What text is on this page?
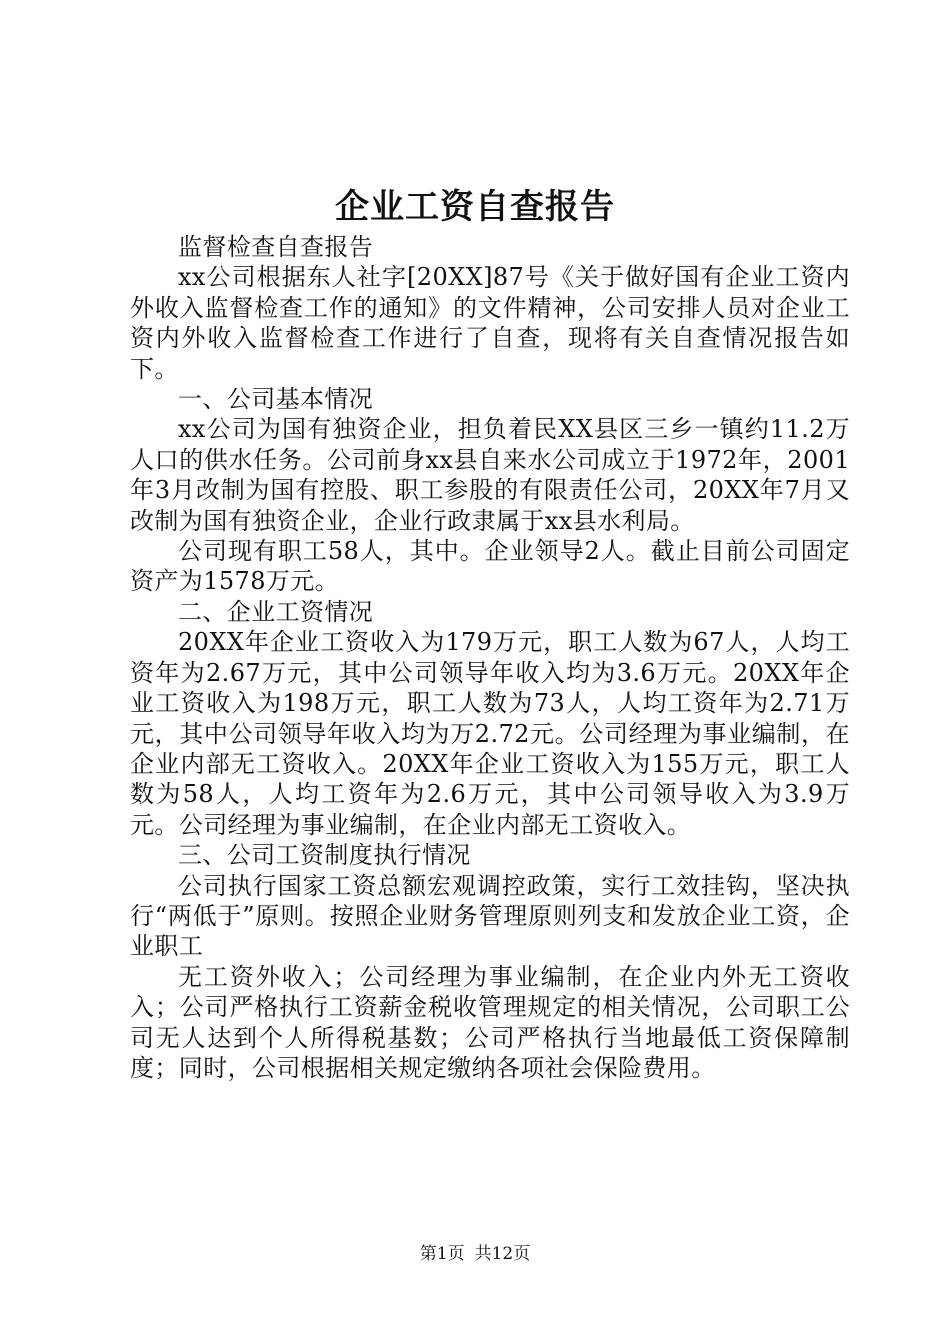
企业工资自查报告

监督检查自查报告

xx公司根据东人社字[20XX]87号《关于做好国有企业工资内外收入监督检查工作的通知》的文件精神，公司安排人员对企业工资内外收入监督检查工作进行了自查，现将有关自查情况报告如下。

一、公司基本情况

xx公司为国有独资企业，担负着民XX县区三乡一镇约11.2万人口的供水任务。公司前身xx县自来水公司成立于1972年，2001年3月改制为国有控股、职工参股的有限责任公司，20XX年7月又改制为国有独资企业，企业行政隶属于xx县水利局。

公司现有职工58人，其中。企业领导2人。截止目前公司固定资产为1578万元。

二、企业工资情况

20XX年企业工资收入为179万元，职工人数为67人，人均工资年为2.67万元，其中公司领导年收入均为3.6万元。20XX年企业工资收入为198万元，职工人数为73人，人均工资年为2.71万元，其中公司领导年收入均为万2.72元。公司经理为事业编制，在企业内部无工资收入。20XX年企业工资收入为155万元，职工人数为58人，人均工资年为2.6万元，其中公司领导收入为3.9万元。公司经理为事业编制，在企业内部无工资收入。

三、公司工资制度执行情况

公司执行国家工资总额宏观调控政策，实行工效挂钩，坚决执行“两低于”原则。按照企业财务管理原则列支和发放企业工资，企业职工

无工资外收入；公司经理为事业编制，在企业内外无工资收入；公司严格执行工资薪金税收管理规定的相关情况，公司职工公司无人达到个人所得税基数；公司严格执行当地最低工资保障制度；同时，公司根据相关规定缴纳各项社会保险费用。

第1页 共12页
